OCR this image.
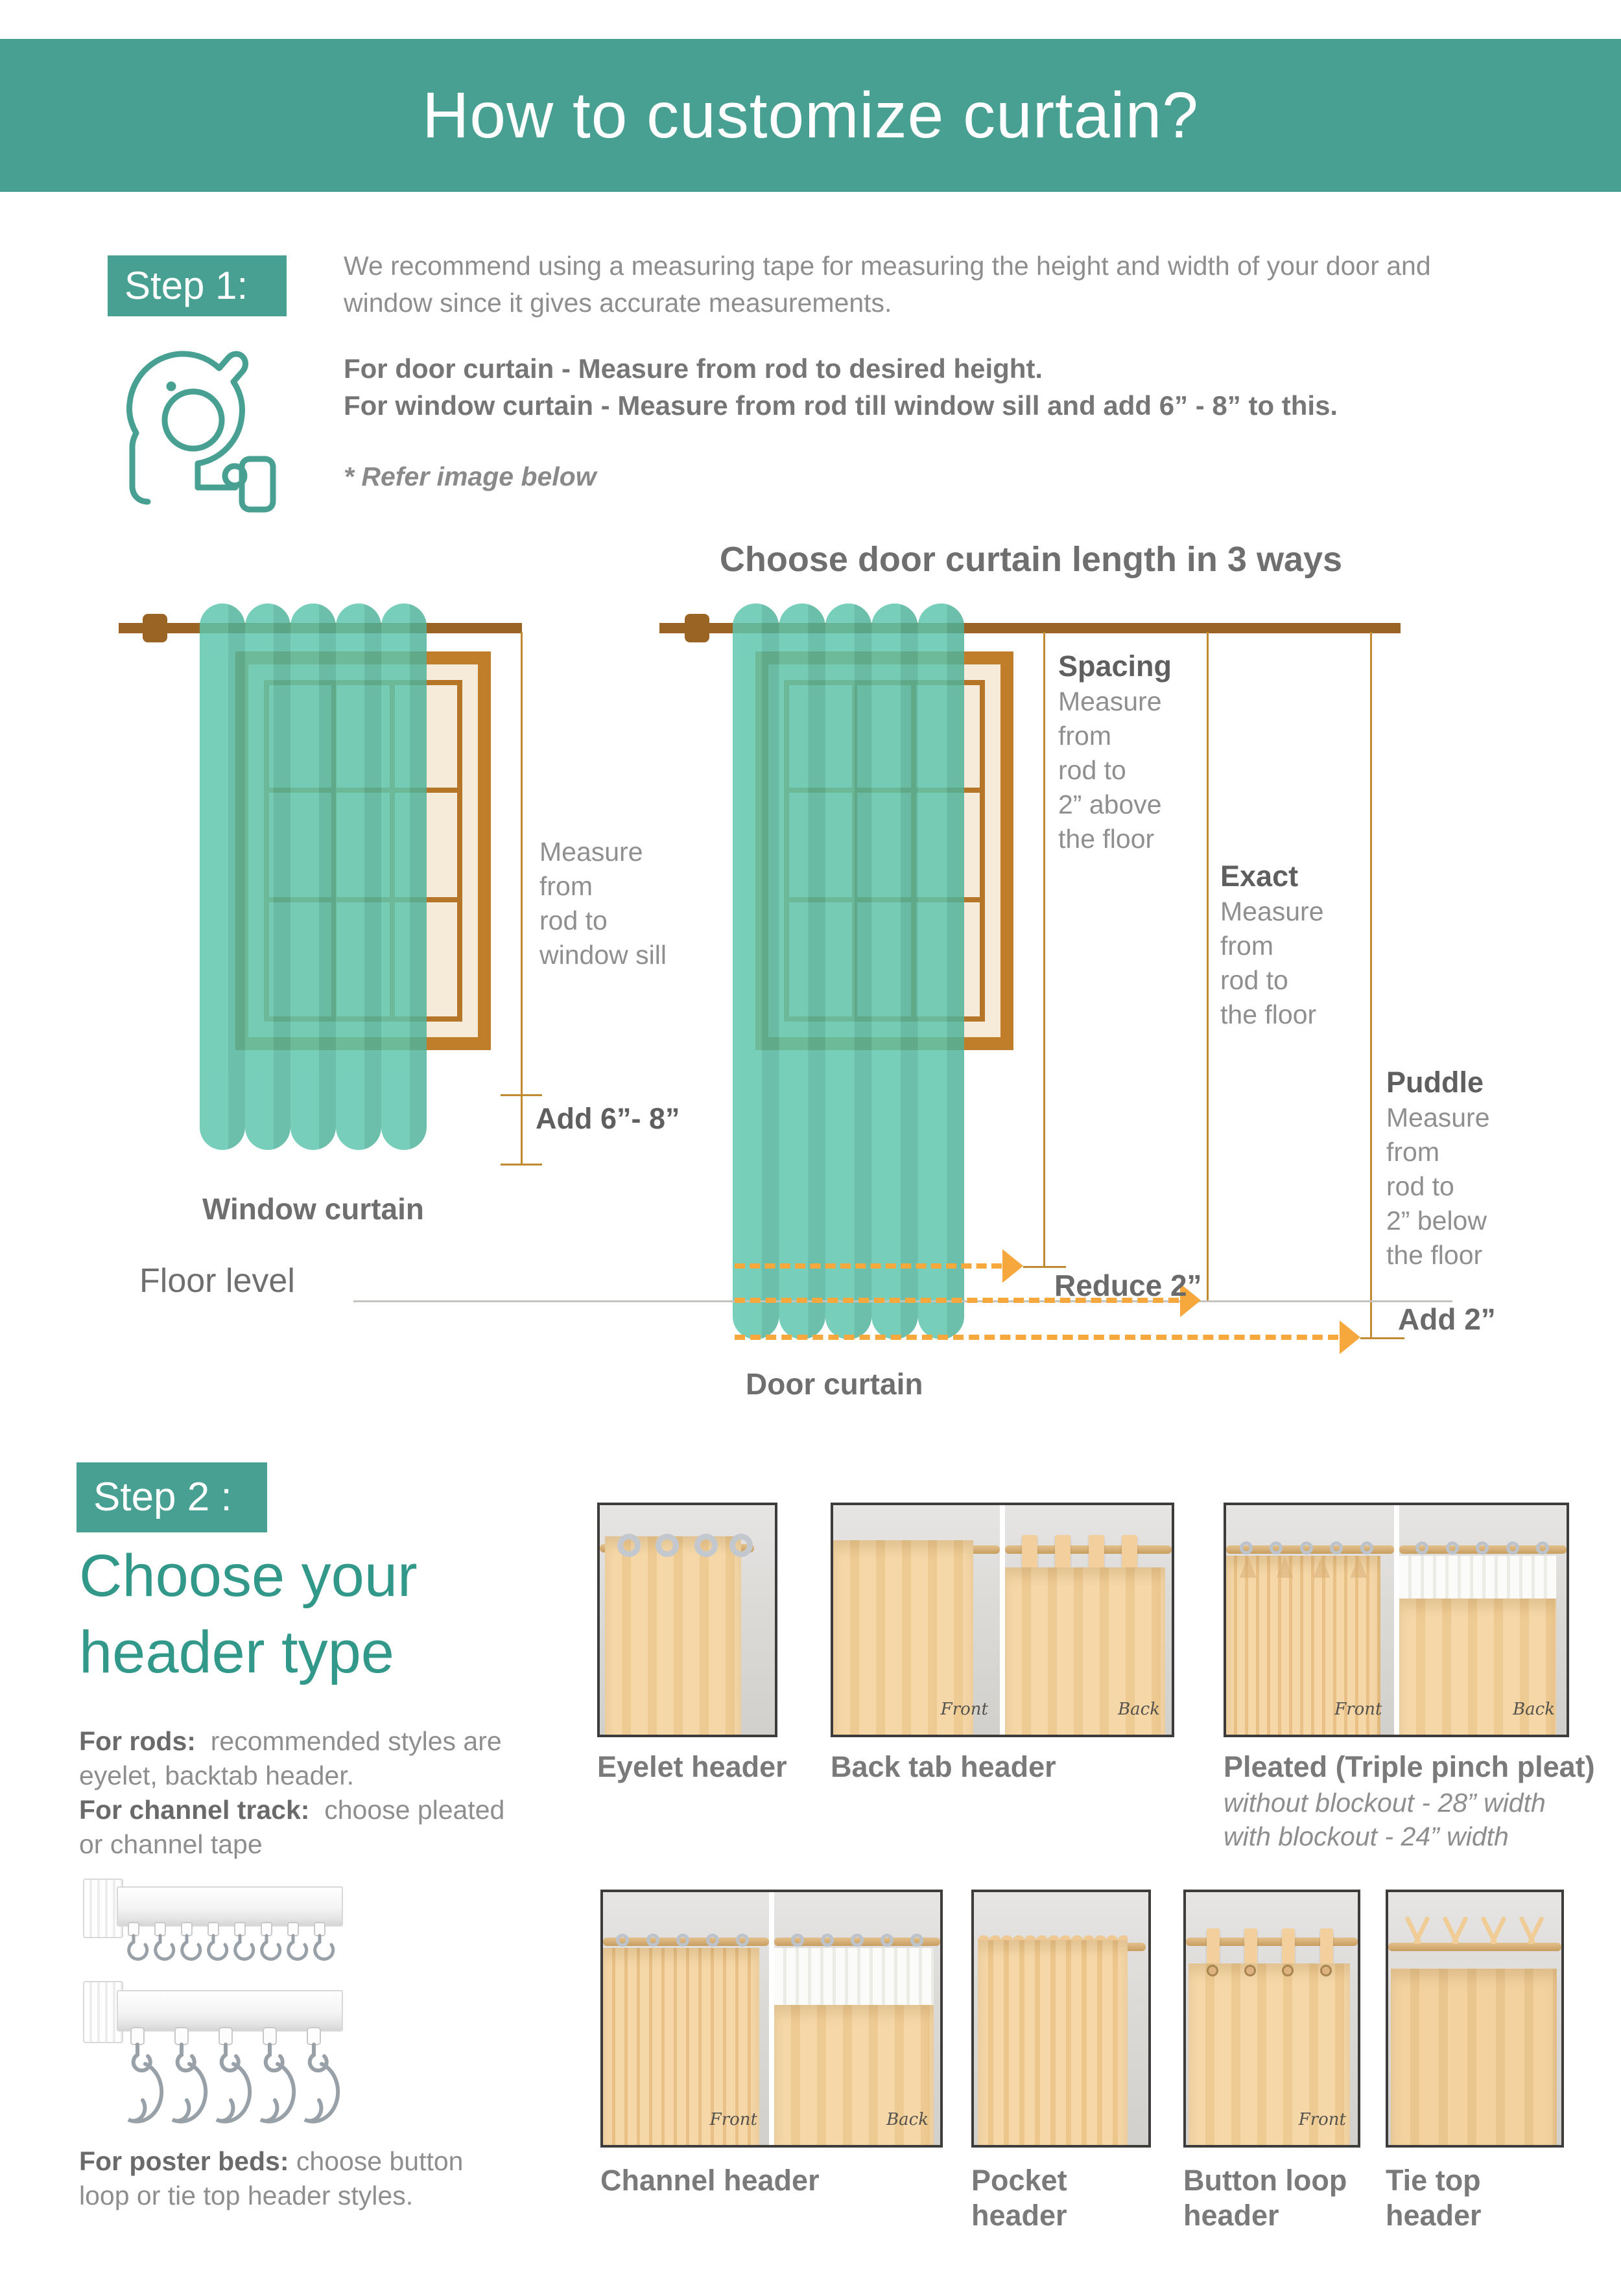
How to customize curtain?
Step 1:	We recommend using a measuring tape for measuring the height and width of your door and
window since it gives accurate measurements.
For door curtain - Measure from rod to desired height.
For window curtain - Measure from rod till window sill and add 6” - 8” to this.
* Refer image below
Choose door curtain length in 3 ways
Measure
from
rod to
window sill
Add 6”- 8”
Window curtain
Spacing
Measure
from
rod to
2” above
the floor
Exact
Measure
from
rod to
the floor
Puddle
Measure
from
rod to
2” below
the floor
Floor level	Reduce 2”
Add 2”
Door curtain
Step 2 :
Choose your
header type
For rods: recommended styles are
eyelet, backtab header.
For channel track: choose pleated
or channel tape
For poster beds: choose button
loop or tie top header styles.
Front	Back	Front	Back
Eyelet header Back tab header	Pleated (Triple pinch pleat)
without blockout - 28” width
with blockout - 24” width
Front	Back	Front
Channel header	Pocket
header
Button loop
header
Tie top
header
